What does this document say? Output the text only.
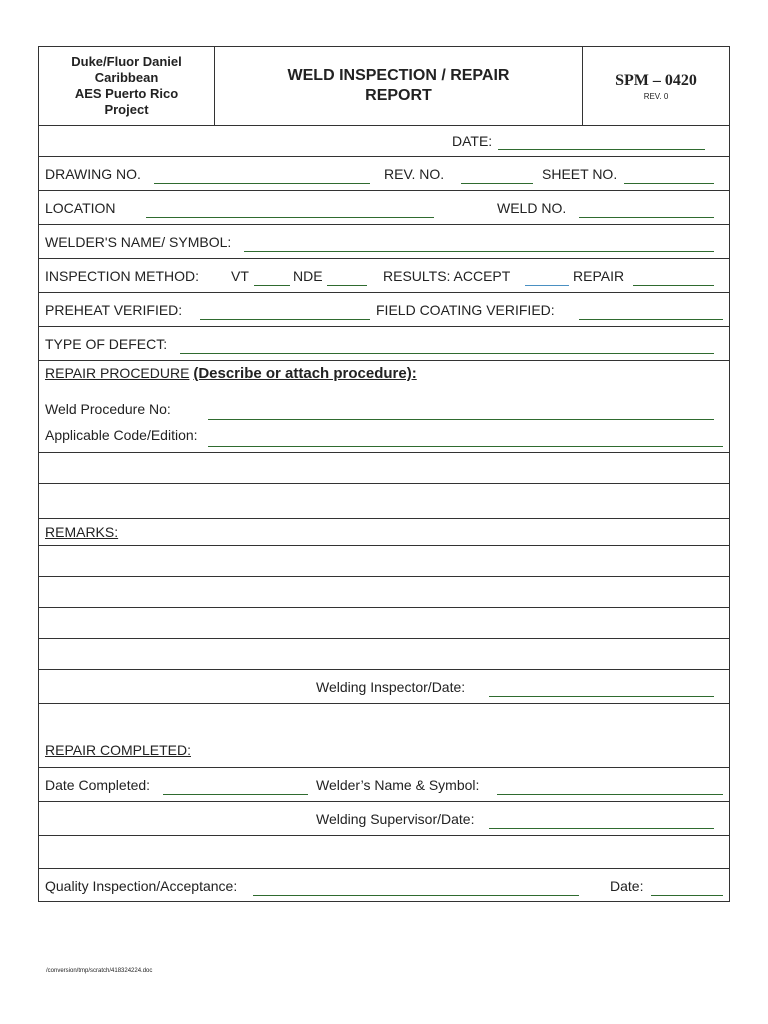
Duke/Fluor Daniel
Caribbean
AES Puerto Rico
Project
WELD INSPECTION / REPAIR
REPORT
SPM – 0420
REV. 0
DATE:
DRAWING NO.	REV. NO.	SHEET NO.
LOCATION	WELD NO.
WELDER'S NAME/ SYMBOL:
INSPECTION METHOD: VT	NDE	RESULTS: ACCEPT	REPAIR
PREHEAT VERIFIED:	FIELD COATING VERIFIED:
TYPE OF DEFECT:
REPAIR PROCEDURE (Describe or attach procedure):
Weld Procedure No:
Applicable Code/Edition:
REMARKS:
Welding Inspector/Date:
REPAIR COMPLETED:
Date Completed:	Welder’s Name & Symbol:
Welding Supervisor/Date:
Quality Inspection/Acceptance:	Date:
/conversion/tmp/scratch/418324224.doc
